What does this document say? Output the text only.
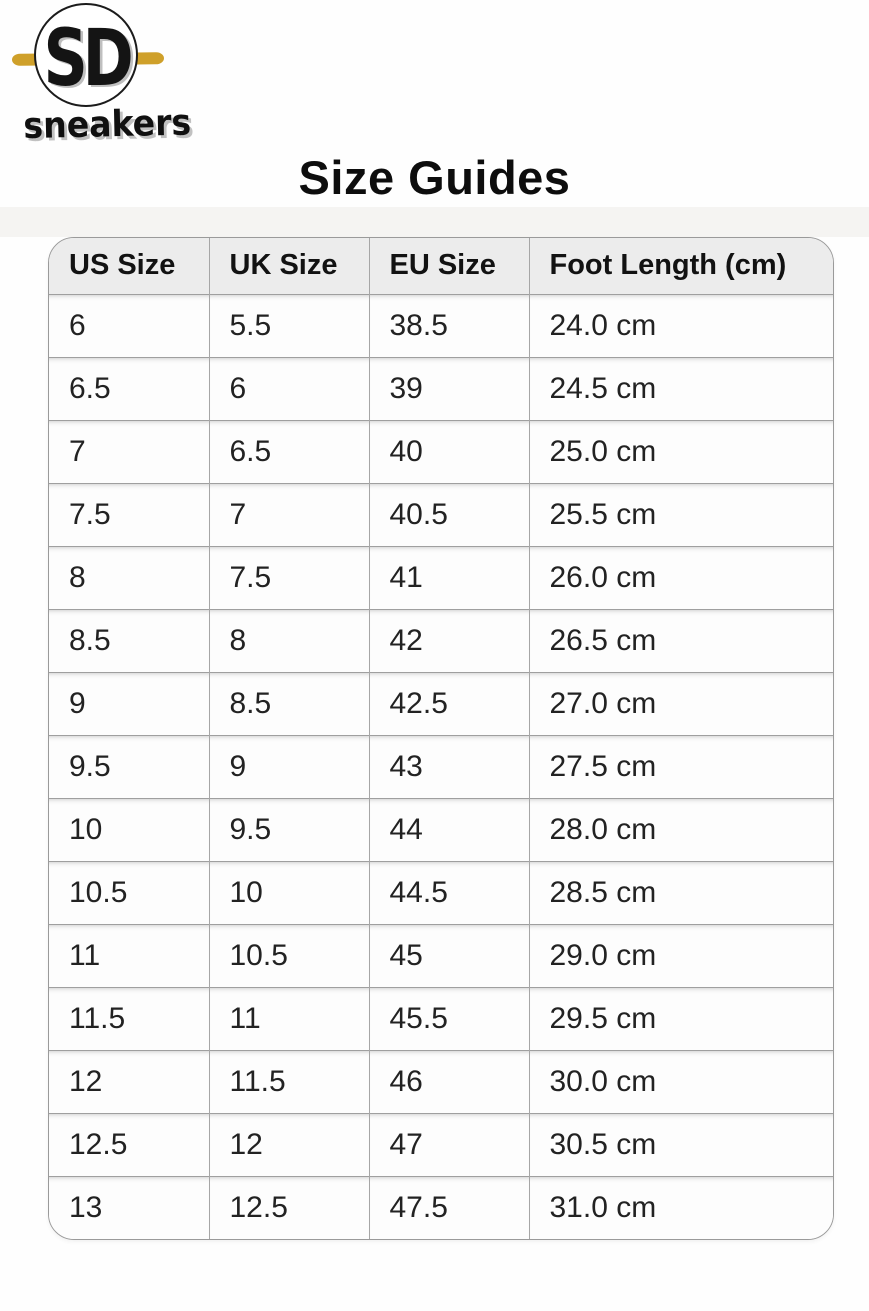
SD
sneakers
Size Guides
US Size	UK Size	EU Size	Foot Length (cm)
6	5.5	38.5	24.0 cm
6.5	6	39	24.5 cm
7	6.5	40	25.0 cm
7.5	7	40.5	25.5 cm
8	7.5	41	26.0 cm
8.5	8	42	26.5 cm
9	8.5	42.5	27.0 cm
9.5	9	43	27.5 cm
10	9.5	44	28.0 cm
10.5	10	44.5	28.5 cm
11	10.5	45	29.0 cm
11.5	11	45.5	29.5 cm
12	11.5	46	30.0 cm
12.5	12	47	30.5 cm
13	12.5	47.5	31.0 cm
